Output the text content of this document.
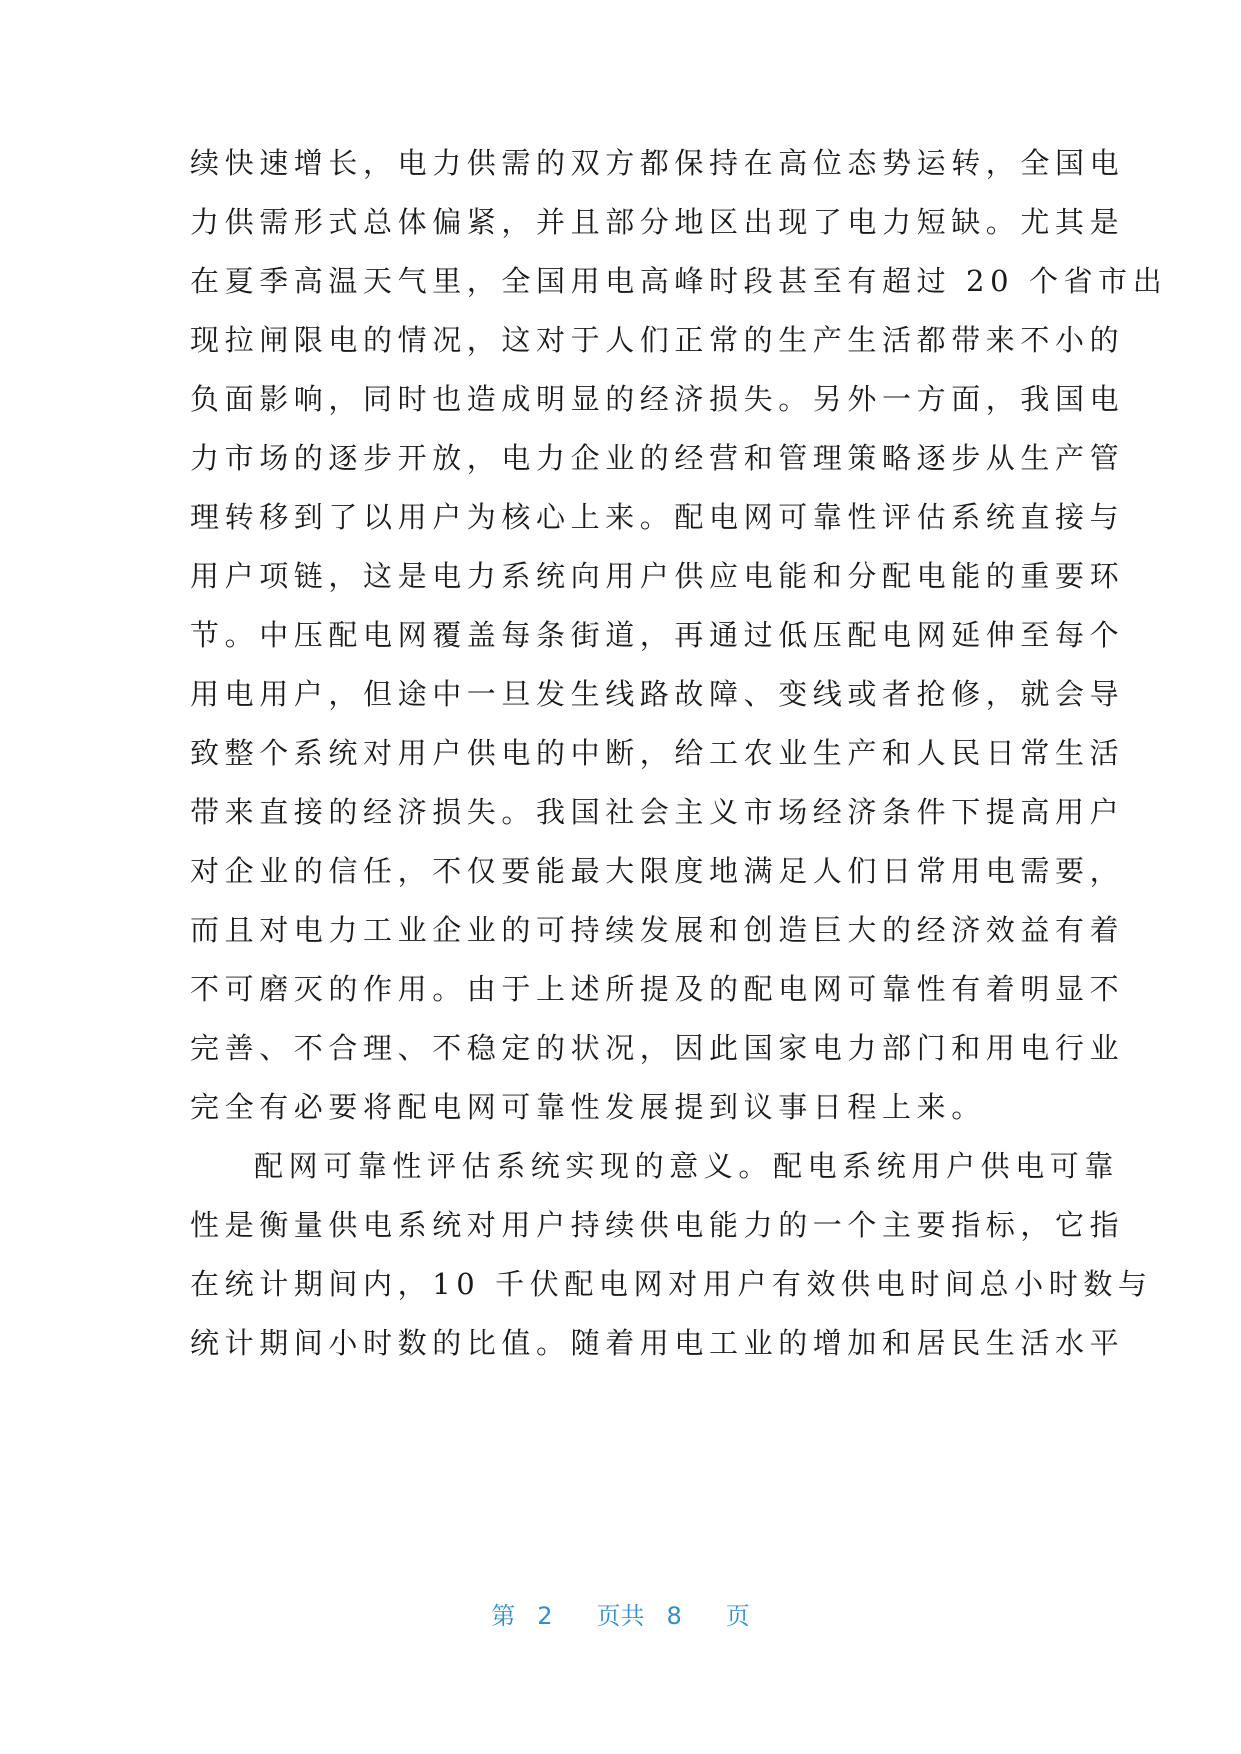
续快速增长，电力供需的双方都保持在高位态势运转，全国电
力供需形式总体偏紧，并且部分地区出现了电力短缺。尤其是
在夏季高温天气里，全国用电高峰时段甚至有超过 20 个省市出
现拉闸限电的情况，这对于人们正常的生产生活都带来不小的
负面影响，同时也造成明显的经济损失。另外一方面，我国电
力市场的逐步开放，电力企业的经营和管理策略逐步从生产管
理转移到了以用户为核心上来。配电网可靠性评估系统直接与
用户项链，这是电力系统向用户供应电能和分配电能的重要环
节。中压配电网覆盖每条街道，再通过低压配电网延伸至每个
用电用户，但途中一旦发生线路故障、变线或者抢修，就会导
致整个系统对用户供电的中断，给工农业生产和人民日常生活
带来直接的经济损失。我国社会主义市场经济条件下提高用户
对企业的信任，不仅要能最大限度地满足人们日常用电需要，
而且对电力工业企业的可持续发展和创造巨大的经济效益有着
不可磨灭的作用。由于上述所提及的配电网可靠性有着明显不
完善、不合理、不稳定的状况，因此国家电力部门和用电行业
完全有必要将配电网可靠性发展提到议事日程上来。
配网可靠性评估系统实现的意义。配电系统用户供电可靠
性是衡量供电系统对用户持续供电能力的一个主要指标，它指
在统计期间内，10 千伏配电网对用户有效供电时间总小时数与
统计期间小时数的比值。随着用电工业的增加和居民生活水平
第 2 页共 8 页
